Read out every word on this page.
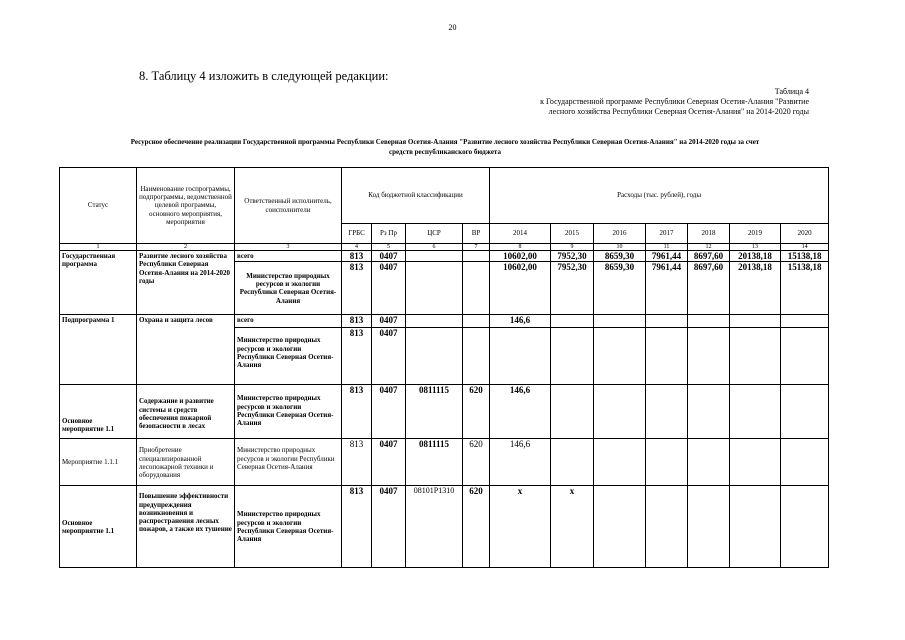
20
8. Таблицу 4 изложить в следующей редакции:
Таблица 4
к Государственной программе Республики Северная Осетия-Алания "Развитие
лесного хозяйства Республики Северная Осетия-Алания" на 2014-2020 годы
Ресурсное обеспечение реализации Государственной программы Республики Северная Осетия-Алания "Развитие лесного хозяйства Республики Северная Осетия-Алания" на 2014-2020 годы за счет средств республиканского бюджета
Статус	Наименование госпрограммы, подпрограммы, ведомственной целевой программы, основного мероприятия, мероприятия	Ответственный исполнитель, соисполнители	Код бюджетной классификации				Расходы (тыс. рублей), годы						
			ГРБС	Рз Пр	ЦСР	ВР	2014	2015	2016	2017	2018	2019	2020
1	2	3	4	5	6	7	8	9	10	11	12	13	14
Государственная программа	Развитие лесного хозяйства Республики Северная Осетия-Алания на 2014-2020 годы	всего	813	0407			10602,00	7952,30	8659,30	7961,44	8697,60	20138,18	15138,18
		Министерство природных ресурсов и экологии Республики Северная Осетия-Алания	813	0407			10602,00	7952,30	8659,30	7961,44	8697,60	20138,18	15138,18
Подпрограмма 1	Охрана и защита лесов	всего	813	0407			146,6						
		Министерство природных ресурсов и экологии Республики Северная Осетия-Алания	813	0407									
Основное мероприятие 1.1	Содержание и развитие системы и средств обеспечения пожарной безопасности в лесах	Министерство природных ресурсов и экологии Республики Северная Осетия-Алания	813	0407	0811115	620	146,6						
Мероприятие 1.1.1	Приобретение специализированной лесопожарной техники и оборудования	Министерство природных ресурсов и экологии Республики Северная Осетия-Алания	813	0407	0811115	620	146,6						
Основное мероприятие 1.1	Повышение эффективности предупреждения возникновения и распространения лесных пожаров, а также их тушение	Министерство природных ресурсов и экологии Республики Северная Осетия-Алания	813	0407	08101Р1310	620	х	х					
